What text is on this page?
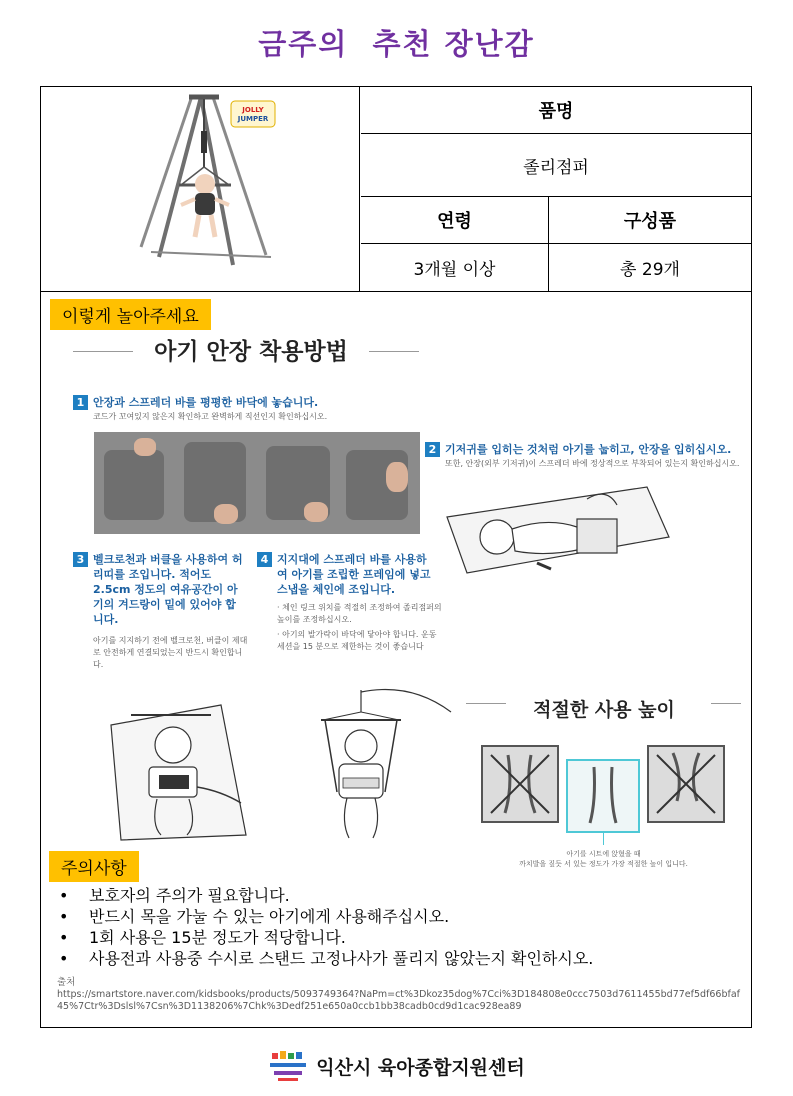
금주의  추천 장난감
JOLLY
JUMPER	품명
졸리점퍼
연령	구성품
3개월 이상	총 29개
이렇게 놀아주세요
아기 안장 착용방법
1 안장과 스프레더 바를 평평한 바닥에 놓습니다.
코드가 꼬여있지 않은지 확인하고 완벽하게 직선인지 확인하십시오.
2 기저귀를 입히는 것처럼 아기를 눕히고, 안장을 입히십시오.
또한, 안장(외부 기저귀)이 스프레더 바에 정상적으로 부착되어 있는지 확인하십시오.
3 벨크로천과 버클을 사용하여 허리띠를 조입니다. 적어도 2.5cm 정도의 여유공간이 아기의 겨드랑이 밑에 있어야 합니다.
아기를 지지하기 전에 벨크로천, 버클이 제대로 안전하게 연결되었는지 반드시 확인합니다.
4 지지대에 스프레더 바를 사용하여 아기를 조립한 프레임에 넣고 스냅을 체인에 조입니다.
· 체인 링크 위치를 적절히 조정하여 졸리점퍼의 높이를 조정하십시오.
· 아기의 발가락이 바닥에 닿아야 합니다. 운동세션을 15 분으로 제한하는 것이 좋습니다
적절한 사용 높이
아기를 시트에 앉혔을 때
까치발을 짚듯 서 있는 정도가 가장 적절한 높이 입니다.
주의사항
• 보호자의 주의가 필요합니다.
• 반드시 목을 가눌 수 있는 아기에게 사용해주십시오.
• 1회 사용은 15분 정도가 적당합니다.
• 사용전과 사용중 수시로 스탠드 고정나사가 풀리지 않았는지 확인하시오.
출처
https://smartstore.naver.com/kidsbooks/products/5093749364?NaPm=ct%3Dkoz35dog%7Cci%3D184808e0ccc7503d7611455bd77ef5df66bfaf45%7Ctr%3Dslsl%7Csn%3D1138206%7Chk%3Dedf251e650a0ccb1bb38cadb0cd9d1cac928ea89
익산시 육아종합지원센터
